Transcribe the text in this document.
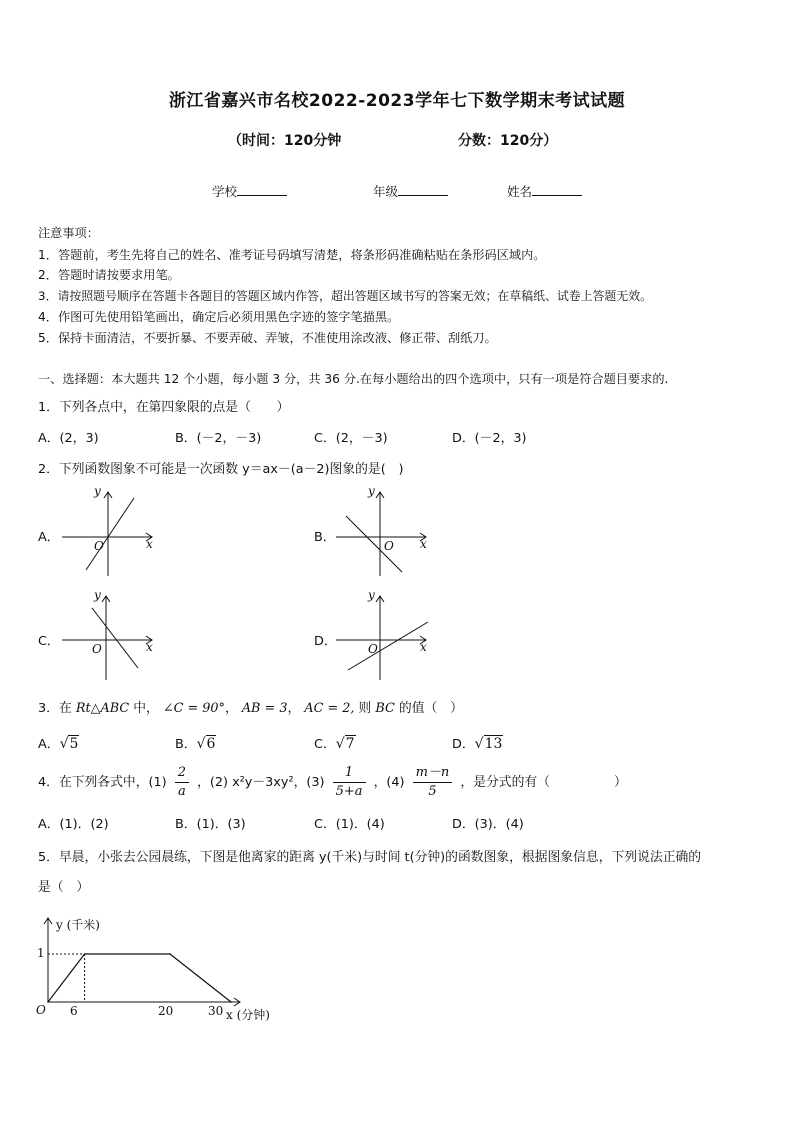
浙江省嘉兴市名校2022-2023学年七下数学期末考试试题
（时间：120分钟	分数：120分）
学校	年级	姓名
注意事项：
1．答题前，考生先将自己的姓名、准考证号码填写清楚，将条形码准确粘贴在条形码区域内。
2．答题时请按要求用笔。
3．请按照题号顺序在答题卡各题目的答题区域内作答，超出答题区域书写的答案无效；在草稿纸、试卷上答题无效。
4．作图可先使用铅笔画出，确定后必须用黑色字迹的签字笔描黑。
5．保持卡面清洁，不要折暴、不要弄破、弄皱，不准使用涂改液、修正带、刮纸刀。
一、选择题：本大题共 12 个小题，每小题 3 分，共 36 分.在每小题给出的四个选项中，只有一项是符合题目要求的.
1．下列各点中，在第四象限的点是（　　）
A．(2，3)	B．(－2，－3)	C．(2，－3)	D．(－2，3)
2．下列函数图象不可能是一次函数 y＝ax－(a－2)图象的是(　)
A．
y
x
O
B．
y
x
O
C．
y
x
O	D．
y
x
O
3．在 Rt△ABC 中， ∠C = 90°， AB = 3， AC = 2, 则 BC 的值（　）
A．√5	B．√6	C．√7	D．√13
4．在下列各式中，$(1) \frac{2}{a}$ ，(2) x²y－3xy²，$(3) \frac{1}{5+a}$ ，$(4) \frac{m-n}{5}$ ，是分式的有（　　　　　）
A．(1)．(2)	B．(1)．(3)	C．(1)．(4)	D．(3)．(4)
5．早晨，小张去公园晨练，下图是他离家的距离 y(千米)与时间 t(分钟)的函数图象，根据图象信息，下列说法正确的
是（　）
y (千米)
x (分钟)
O
1
6	20	30
